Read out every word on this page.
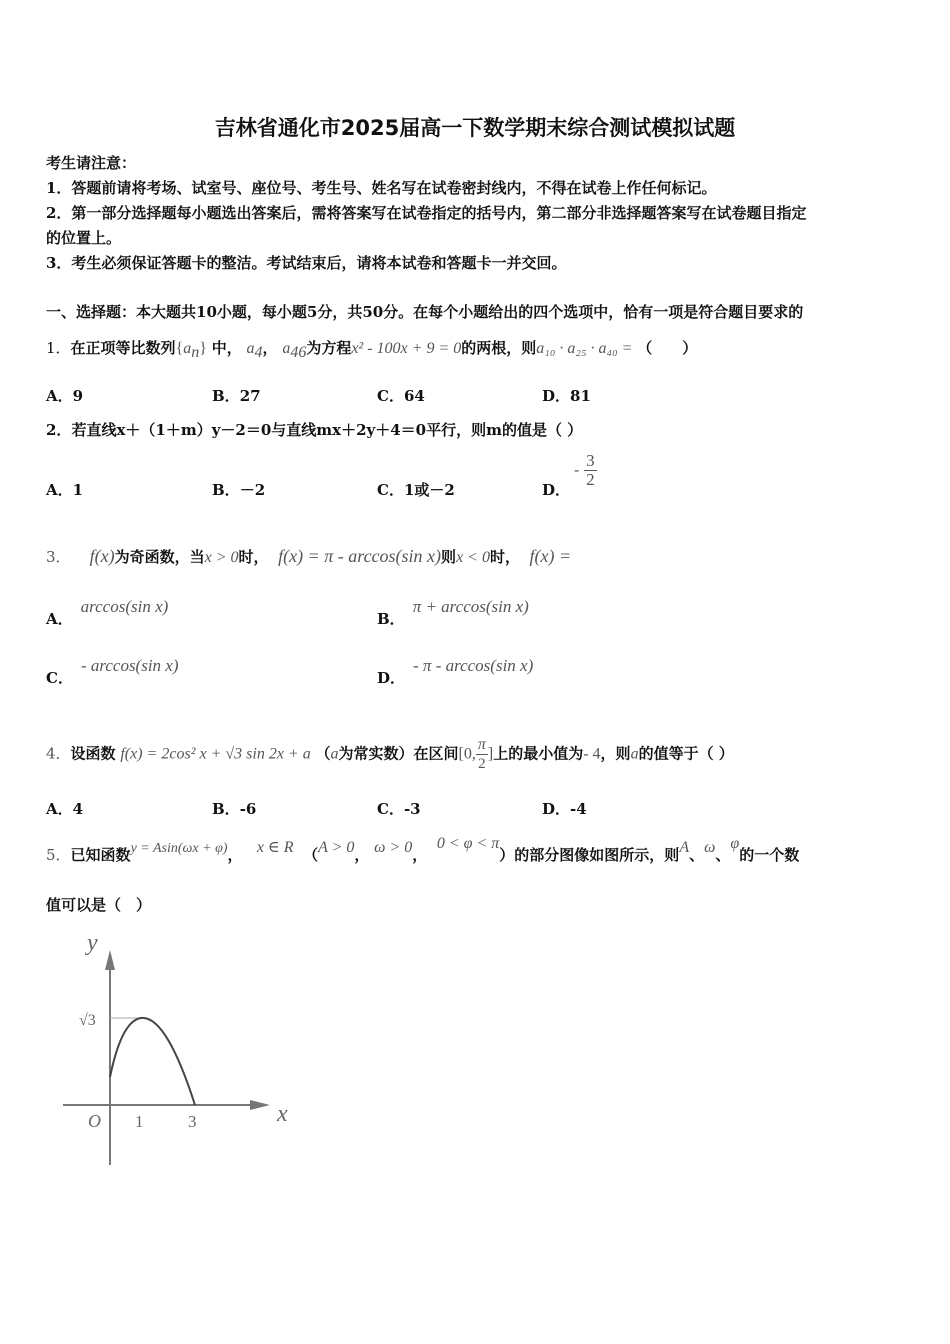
吉林省通化市2025届高一下数学期末综合测试模拟试题
考生请注意：
1．答题前请将考场、试室号、座位号、考生号、姓名写在试卷密封线内，不得在试卷上作任何标记。
2．第一部分选择题每小题选出答案后，需将答案写在试卷指定的括号内，第二部分非选择题答案写在试卷题目指定
的位置上。
3．考生必须保证答题卡的整洁。考试结束后，请将本试卷和答题卡一并交回。
一、选择题：本大题共10小题，每小题5分，共50分。在每个小题给出的四个选项中，恰有一项是符合题目要求的
1．在正项等比数列$\{a_n\}$ 中， $a_4$， $a_{46}$为方程x² - 100x + 9 = 0的两根，则a₁₀ · a₂₅ · a₄₀ = （　　）
A．9	B．27	C．64	D．81
2．若直线x＋（1＋m）y－2＝0与直线mx＋2y＋4＝0平行，则m的值是（ ）
A．1	B．－2	C．1或－2	D．
- $\frac{3}{2}$
3． f(x)为奇函数，当x > 0时， f(x) = π - arccos(sin x)则x < 0时， f(x) =
A．arccos(sin x)
B．π + arccos(sin x)
C．- arccos(sin x)
D．- π - arccos(sin x)
4．设函数 f(x) = 2cos² x + √3 sin 2x + a （a为常实数）在区间[0, $\frac{\pi}{2}$]上的最小值为- 4，则a的值等于（ ）
A．4	B．-6	C．-3	D．-4
5．已知函数y = Asin(ωx + φ)， x ∈ R （A > 0， ω > 0，  0 < φ < π）的部分图像如图所示，则A、ω、φ的一个数
值可以是（　）
y
x
O
√3
1	3
